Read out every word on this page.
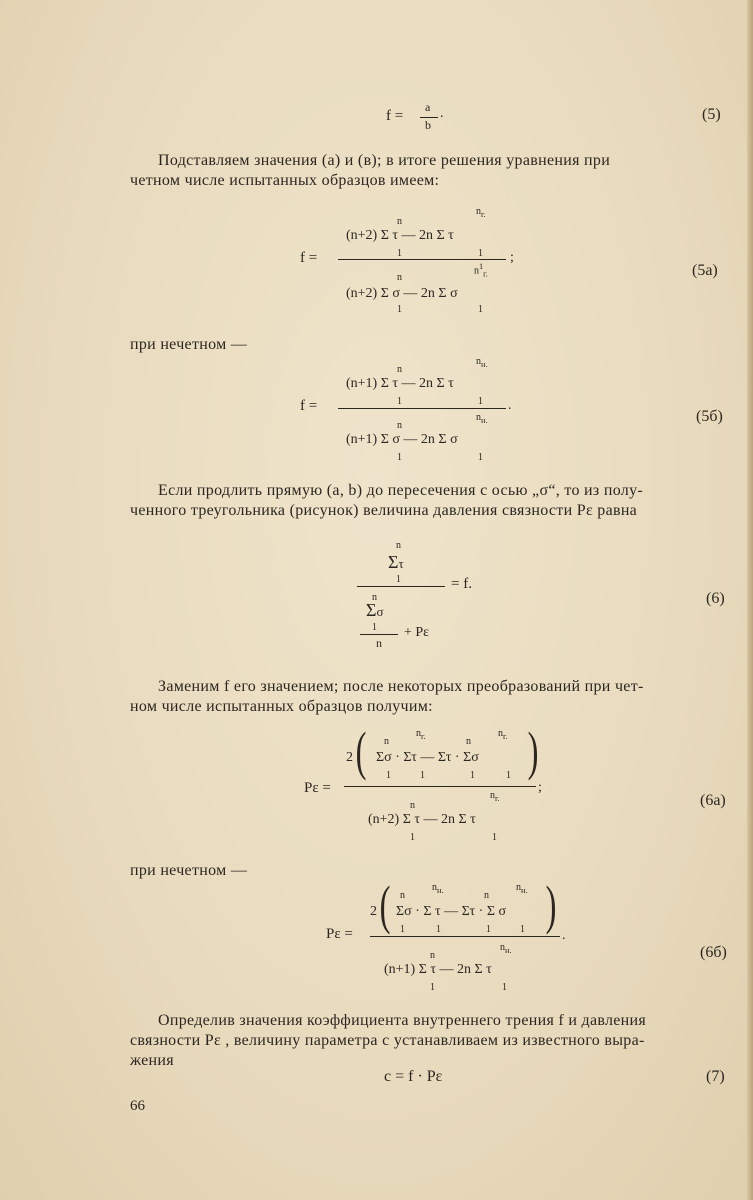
f =
a
b
.	(5)
Подставляем значения (а) и (в); в итоге решения уравнения при
четном числе испытанных образцов имеем:
f =
n
$n_{г.}$
(n+2) Σ τ — 2n Σ τ
1	1
n
$n^1_{г.}$
(n+2) Σ σ — 2n Σ σ
1	1
;
(5а)
при нечетном —
f =
n
$n_{н.}$
(n+1) Σ τ — 2n Σ τ
1	1
n
$n_{н.}$
(n+1) Σ σ — 2n Σ σ
1	1
.
(5б)
Если продлить прямую (а, b) до пересечения с осью „σ“, то из полу-
ченного треугольника (рисунок) величина давления связности Pε равна
n
Στ
1	= f.
n
Σσ
1 + Pε
n
(6)
Заменим f его значением; после некоторых преобразований при чет-
ном числе испытанных образцов получим:
Pε =
2 ( n
$n_{г.}$	n
$n_{г.}$
Σσ · Στ — Στ · Σσ )
1	1	1	1
n
$n_{г.}$
(n+2) Σ τ — 2n Σ τ
1	1
;
(6а)
при нечетном —
Pε =
2 ( n
$n_{н.}$	n
$n_{н.}$
Σσ · Σ τ — Στ · Σ σ )
1	1	1	1
n
$n_{н.}$
(n+1) Σ τ — 2n Σ τ
1	1
.
(6б)
Определив значения коэффициента внутреннего трения f и давления
связности Pε , величину параметра c устанавливаем из известного выра-
жения
c = f · Pε	(7)
66
